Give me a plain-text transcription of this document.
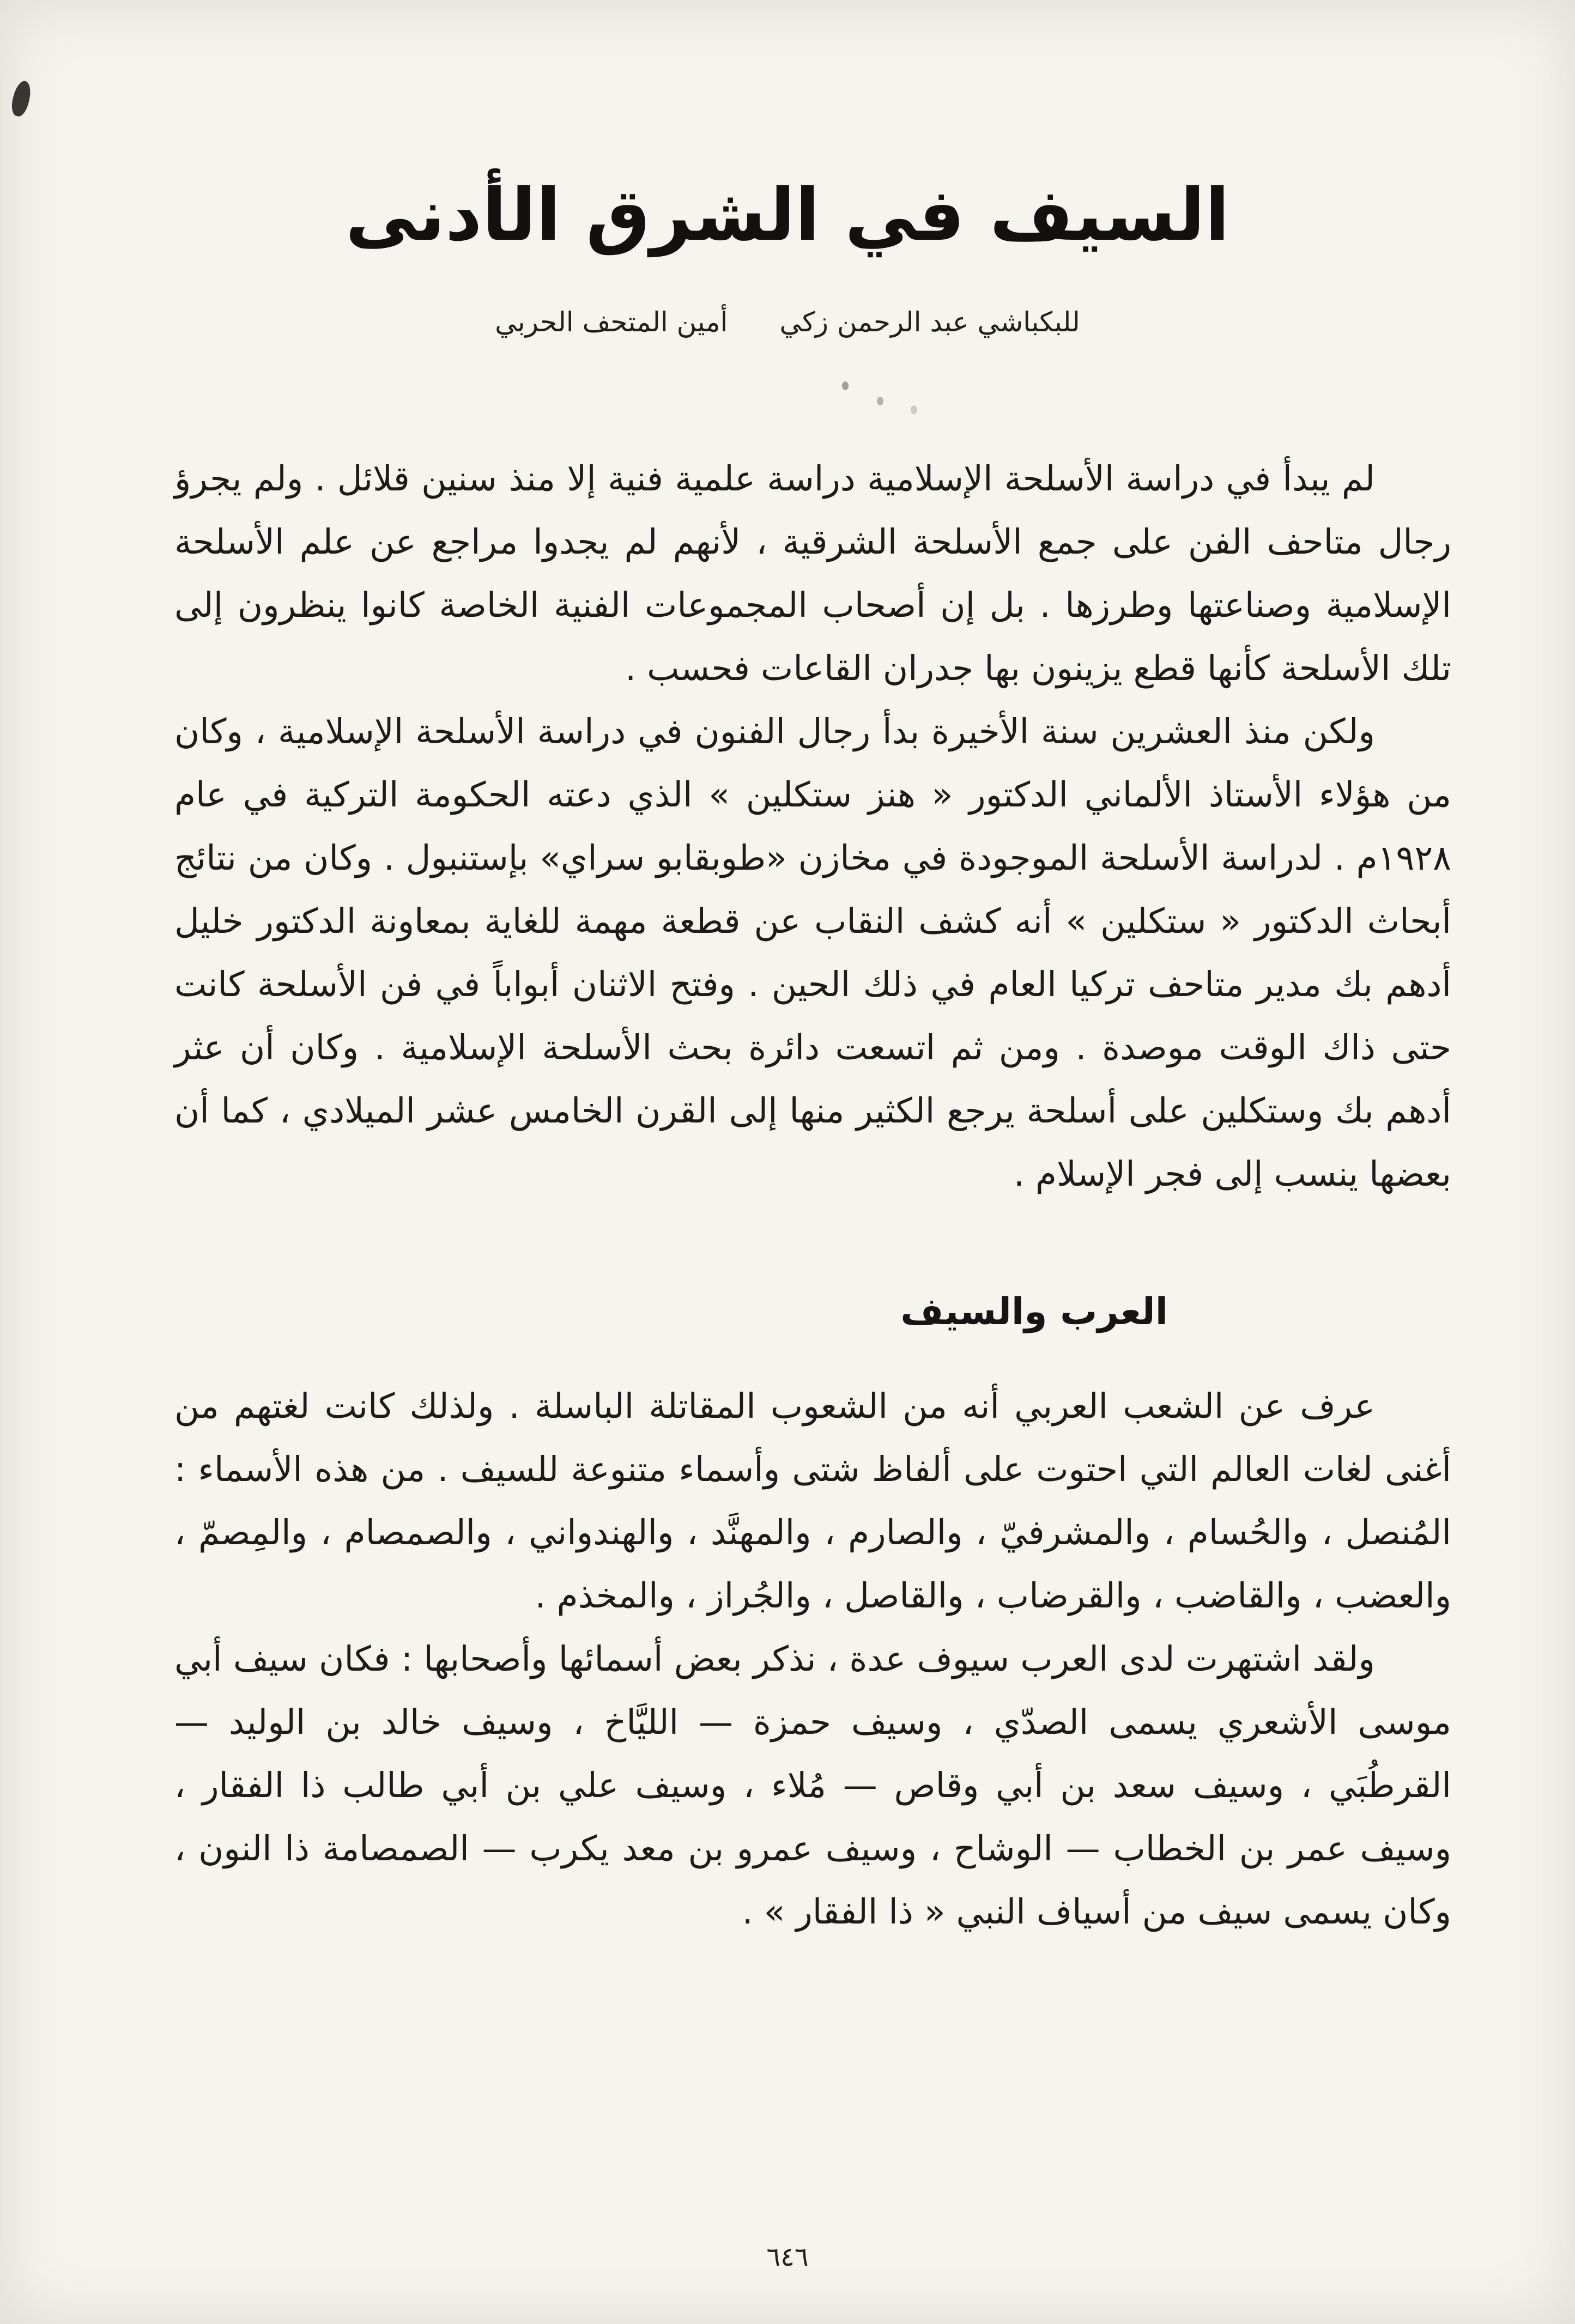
السيف في الشرق الأدنى
للبكباشي عبد الرحمن زكي
أمين المتحف الحربي

لم يبدأ في دراسة الأسلحة الإسلامية دراسة علمية فنية إلا منذ سنين قلائل . ولم يجرؤ رجال متاحف الفن على جمع الأسلحة الشرقية ، لأنهم لم يجدوا مراجع عن علم الأسلحة الإسلامية وصناعتها وطرزها . بل إن أصحاب المجموعات الفنية الخاصة كانوا ينظرون إلى تلك الأسلحة كأنها قطع يزينون بها جدران القاعات فحسب .

ولكن منذ العشرين سنة الأخيرة بدأ رجال الفنون في دراسة الأسلحة الإسلامية ، وكان من هؤلاء الأستاذ الألماني الدكتور « هنز ستكلين » الذي دعته الحكومة التركية في عام ١٩٢٨م . لدراسة الأسلحة الموجودة في مخازن «طوبقابو سراي» بإستنبول . وكان من نتائج أبحاث الدكتور « ستكلين » أنه كشف النقاب عن قطعة مهمة للغاية بمعاونة الدكتور خليل أدهم بك مدير متاحف تركيا العام في ذلك الحين . وفتح الاثنان أبواباً في فن الأسلحة كانت حتى ذاك الوقت موصدة . ومن ثم اتسعت دائرة بحث الأسلحة الإسلامية . وكان أن عثر أدهم بك وستكلين على أسلحة يرجع الكثير منها إلى القرن الخامس عشر الميلادي ، كما أن بعضها ينسب إلى فجر الإسلام .

العرب والسيف

عرف عن الشعب العربي أنه من الشعوب المقاتلة الباسلة . ولذلك كانت لغتهم من أغنى لغات العالم التي احتوت على ألفاظ شتى وأسماء متنوعة للسيف . من هذه الأسماء : المُنصل ، والحُسام ، والمشرفيّ ، والصارم ، والمهنَّد ، والهندواني ، والصمصام ، والمِصمّ ، والعضب ، والقاضب ، والقرضاب ، والقاصل ، والجُراز ، والمخذم .

ولقد اشتهرت لدى العرب سيوف عدة ، نذكر بعض أسمائها وأصحابها : فكان سيف أبي موسى الأشعري يسمى الصدّي ، وسيف حمزة — الليَّاخ ، وسيف خالد بن الوليد — القرطُبَي ، وسيف سعد بن أبي وقاص — مُلاء ، وسيف علي بن أبي طالب ذا الفقار ، وسيف عمر بن الخطاب — الوشاح ، وسيف عمرو بن معد يكرب — الصمصامة ذا النون ، وكان يسمى سيف من أسياف النبي « ذا الفقار » .

٦٤٦
